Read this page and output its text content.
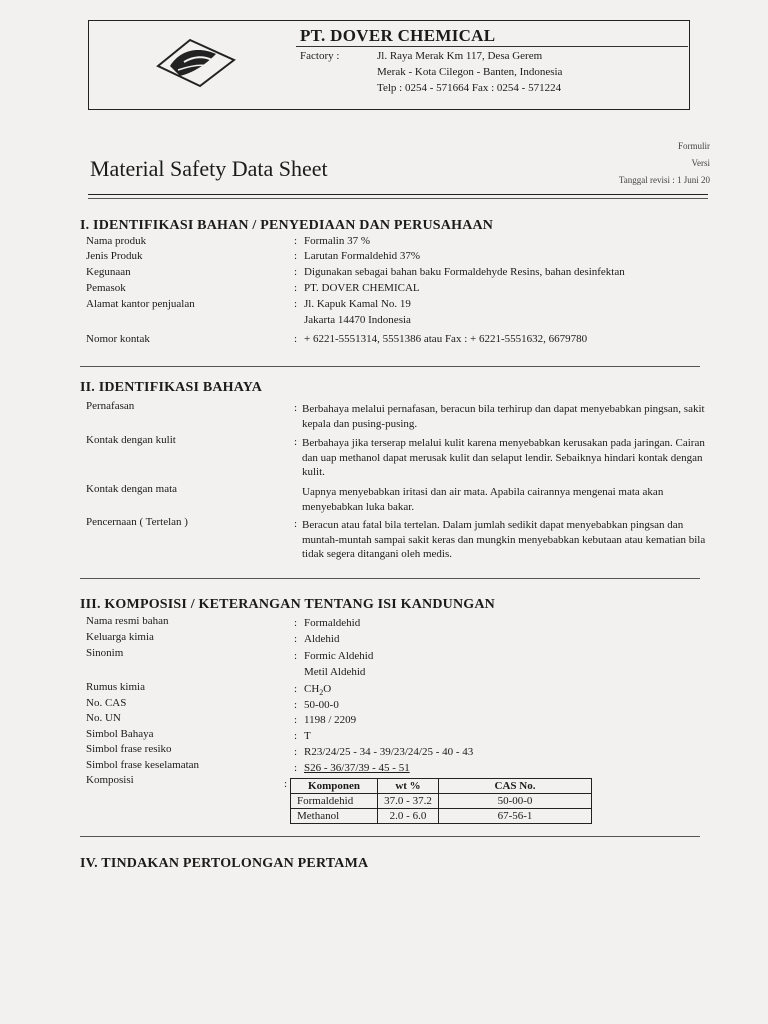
PT. DOVER CHEMICAL
Factory :	Jl. Raya Merak Km 117, Desa Gerem
Merak - Kota Cilegon - Banten, Indonesia
Telp : 0254 - 571664 Fax : 0254 - 571224
Formulir
Versi
Material Safety Data Sheet	Tanggal revisi : 1 Juni 20
I. IDENTIFIKASI BAHAN / PENYEDIAAN DAN PERUSAHAAN
Nama produk	: Formalin 37 %
Jenis Produk	: Larutan Formaldehid 37%
Kegunaan	: Digunakan sebagai bahan baku Formaldehyde Resins, bahan desinfektan
Pemasok	: PT. DOVER CHEMICAL
Alamat kantor penjualan	: Jl. Kapuk Kamal No. 19
Jakarta 14470 Indonesia
Nomor kontak	: + 6221-5551314, 5551386 atau Fax : + 6221-5551632, 6679780
II. IDENTIFIKASI BAHAYA
Pernafasan	: Berbahaya melalui pernafasan, beracun bila terhirup dan dapat menyebabkan pingsan, sakit kepala dan pusing-pusing.
Kontak dengan kulit	: Berbahaya jika terserap melalui kulit karena menyebabkan kerusakan pada jaringan. Cairan dan uap methanol dapat merusak kulit dan selaput lendir. Sebaiknya hindari kontak dengan kulit.
Kontak dengan mata	Uapnya menyebabkan iritasi dan air mata. Apabila cairannya mengenai mata akan menyebabkan luka bakar.
Pencernaan ( Tertelan )	: Beracun atau fatal bila tertelan. Dalam jumlah sedikit dapat menyebabkan pingsan dan muntah-muntah sampai sakit keras dan mungkin menyebabkan kebutaan atau kematian bila tidak segera ditangani oleh medis.
III. KOMPOSISI / KETERANGAN TENTANG ISI KANDUNGAN
Nama resmi bahan	: Formaldehid
Keluarga kimia	: Aldehid
Sinonim	: Formic Aldehid
Metil Aldehid
Rumus kimia	: $CH_2O$
No. CAS	: 50-00-0
No. UN	: 1198 / 2209
Simbol Bahaya	: T
Simbol frase resiko	: R23/24/25 - 34 - 39/23/24/25 - 40 - 43
Simbol frase keselamatan	: S26 - 36/37/39 - 45 - 51
Komposisi	: Komponen	wt %	CAS No.
Formaldehid	37.0 - 37.2	50-00-0
Methanol	2.0 - 6.0	67-56-1
IV. TINDAKAN PERTOLONGAN PERTAMA
